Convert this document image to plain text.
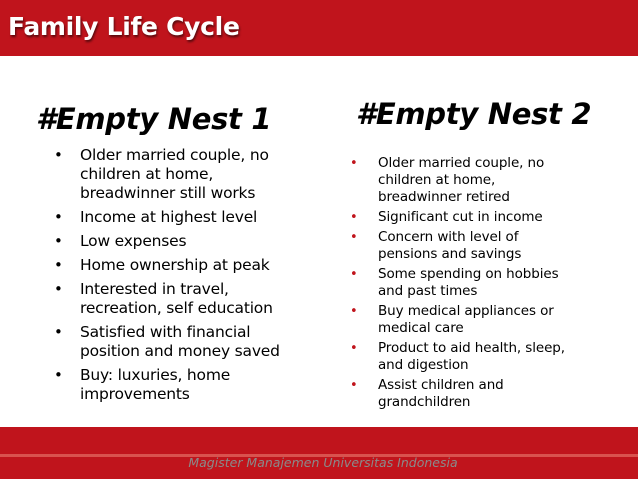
Family Life Cycle
#Empty Nest 1	#Empty Nest 2
• Older married couple, no
children at home,
breadwinner still works
• Income at highest level
• Low expenses
• Home ownership at peak
• Interested in travel,
recreation, self education
• Satisfied with financial
position and money saved
• Buy: luxuries, home
improvements
• Older married couple, no
children at home,
breadwinner retired
• Significant cut in income
• Concern with level of
pensions and savings
• Some spending on hobbies
and past times
• Buy medical appliances or
medical care
• Product to aid health, sleep,
and digestion
• Assist children and
grandchildren
Magister Manajemen Universitas Indonesia
